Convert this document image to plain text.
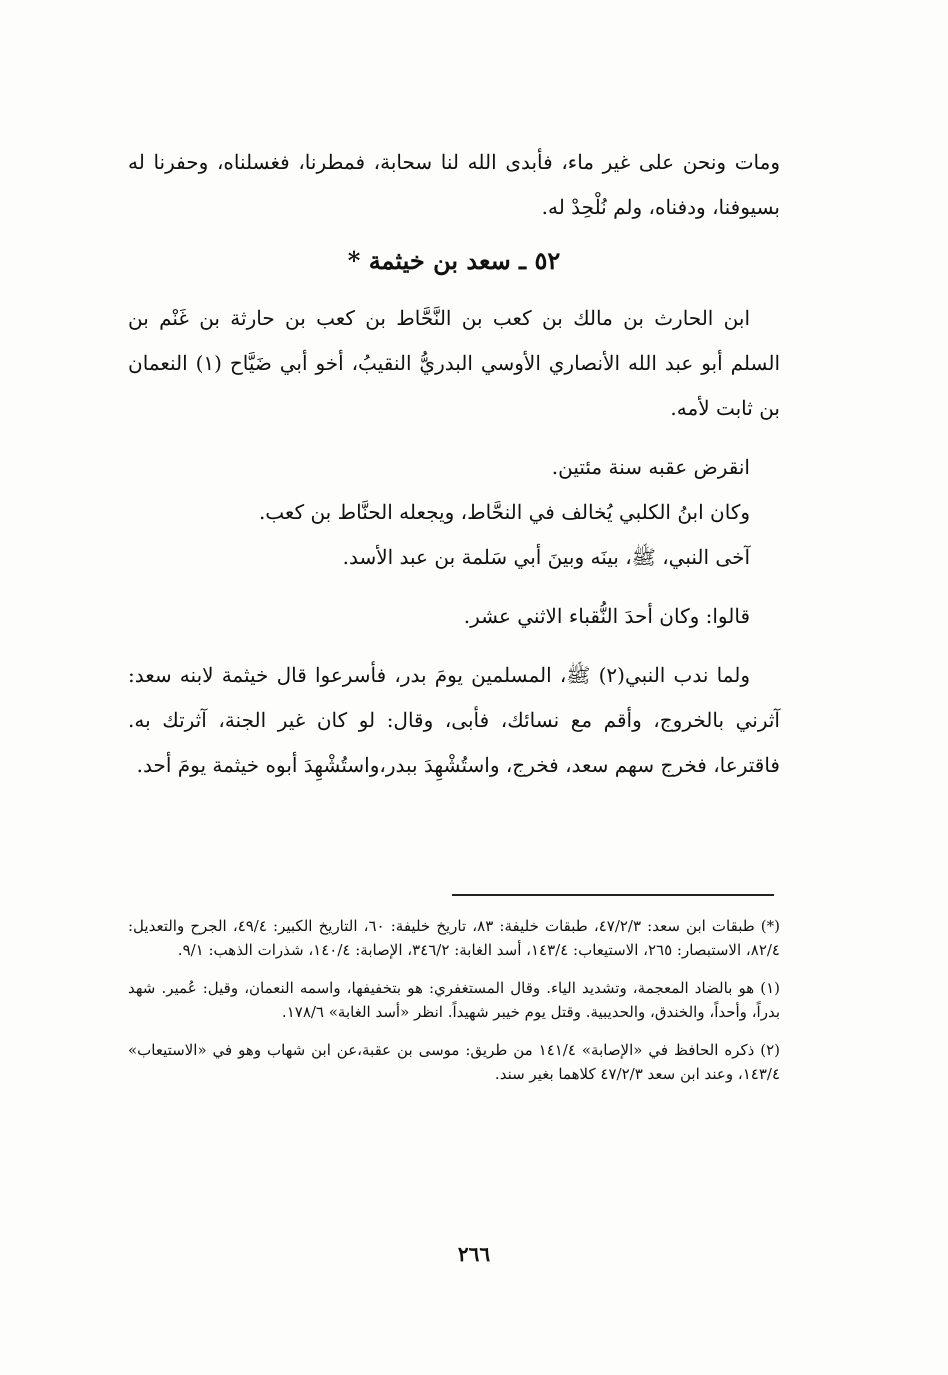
ومات ونحن على غير ماء، فأبدى الله لنا سحابة، فمطرنا، فغسلناه، وحفرنا له بسيوفنا، ودفناه، ولم نُلْحِدْ له.

٥٢ ـ سعد بن خيثمة *

ابن الحارث بن مالك بن كعب بن النَّحَّاط بن كعب بن حارثة بن غَنْم بن السلم أبو عبد الله الأنصاري الأوسي البدريُّ النقيبُ، أخو أبي ضَيَّاح (١) النعمان بن ثابت لأمه.

انقرض عقبه سنة مئتين.

وكان ابنُ الكلبي يُخالف في النحَّاط، ويجعله الحنَّاط بن كعب.

آخى النبي، ﷺ، بينَه وبينَ أبي سَلمة بن عبد الأسد.

قالوا: وكان أحدَ النُّقباء الاثني عشر.

ولما ندب النبي(٢) ﷺ، المسلمين يومَ بدر، فأسرعوا قال خيثمة لابنه سعد: آثرني بالخروج، وأقم مع نسائك، فأبى، وقال: لو كان غير الجنة، آثرتك به. فاقترعا، فخرج سهم سعد، فخرج، واستُشْهِدَ ببدر،واستُشْهِدَ أبوه خيثمة يومَ أحد.

(*) طبقات ابن سعد: ٤٧/٢/٣، طبقات خليفة: ٨٣، تاريخ خليفة: ٦٠، التاريخ الكبير: ٤٩/٤، الجرح والتعديل: ٨٢/٤، الاستبصار: ٢٦٥، الاستيعاب: ١٤٣/٤، أسد الغابة: ٣٤٦/٢، الإصابة: ١٤٠/٤، شذرات الذهب: ٩/١.

(١) هو بالضاد المعجمة، وتشديد الياء. وقال المستغفري: هو بتخفيفها، واسمه النعمان، وقيل: عُمير. شهد بدراً، وأحداً، والخندق، والحديبية. وقتل يوم خيبر شهيداً. انظر «أسد الغابة» ١٧٨/٦.

(٢) ذكره الحافظ في «الإصابة» ١٤١/٤ من طريق: موسى بن عقبة،عن ابن شهاب وهو في «الاستيعاب» ١٤٣/٤، وعند ابن سعد ٤٧/٢/٣ كلاهما بغير سند.

٢٦٦
